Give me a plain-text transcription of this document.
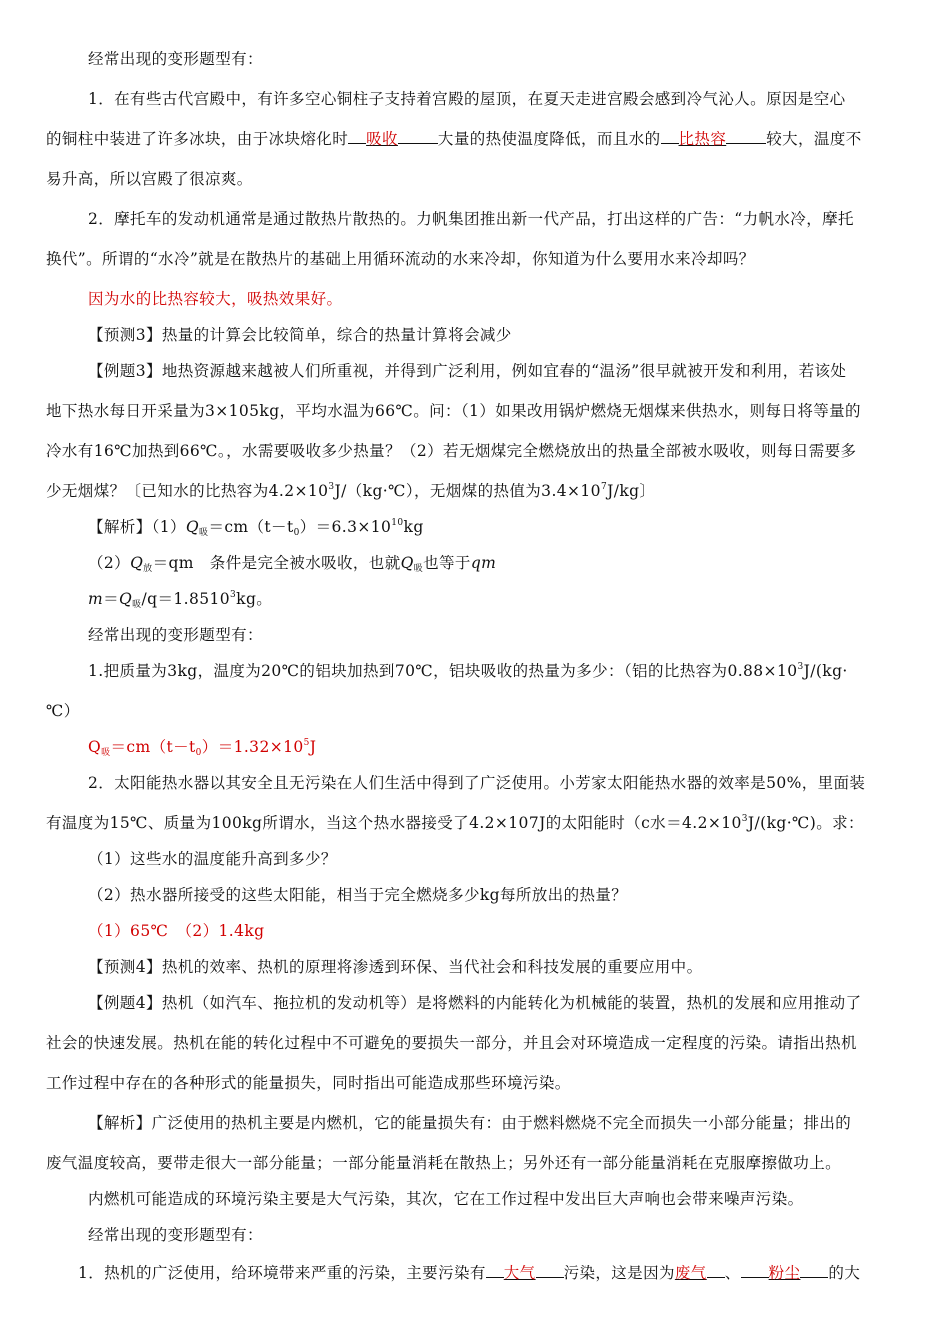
经常出现的变形题型有：
1．在有些古代宫殿中，有许多空心铜柱子支持着宫殿的屋顶，在夏天走进宫殿会感到冷气沁人。原因是空心
的铜柱中装进了许多冰块，由于冰块熔化时 吸收	大量的热使温度降低，而且水的 比热容	较大，温度不
易升高，所以宫殿了很凉爽。
2．摩托车的发动机通常是通过散热片散热的。力帆集团推出新一代产品，打出这样的广告：“力帆水冷，摩托
换代”。所谓的“水冷”就是在散热片的基础上用循环流动的水来冷却，你知道为什么要用水来冷却吗？
因为水的比热容较大，吸热效果好。
【预测3】热量的计算会比较简单，综合的热量计算将会减少
【例题3】地热资源越来越被人们所重视，并得到广泛利用，例如宜春的“温汤”很早就被开发和利用，若该处
地下热水每日开采量为3×105kg，平均水温为66℃。问：（1）如果改用锅炉燃烧无烟煤来供热水，则每日将等量的
冷水有16℃加热到66℃。，水需要吸收多少热量？（2）若无烟煤完全燃烧放出的热量全部被水吸收，则每日需要多
少无烟煤？〔已知水的比热容为$4.2\times 10^3J/(kg\cdot℃)$，无烟煤的热值为$3.4\times 10^7J/kg$〕
【解析】$(1)Q_吸=cm(t-t_0)=6.3\times 10^{10}kg$
$(2)Q_放=qm$　条件是完全被水吸收，也就$Q_吸$也等于qm
$m=Q_吸/q=1.8510^3kg$。
经常出现的变形题型有：
1.把质量为3kg，温度为20℃的铝块加热到70℃，铝块吸收的热量为多少：（铝的比热容为$0.88\times 10^3J/(kg\cdot$
℃）
$Q_吸=cm(t-t_0)=1.32\times 10^5J$
2．太阳能热水器以其安全且无污染在人们生活中得到了广泛使用。小芳家太阳能热水器的效率是50%，里面装
有温度为15℃、质量为100kg所谓水，当这个热水器接受了4.2×107J的太阳能时（c水$=4.2\times 10^3J/(kg\cdot℃)$。求：
（1）这些水的温度能升高到多少？
（2）热水器所接受的这些太阳能，相当于完全燃烧多少kg每所放出的热量？
（1）65℃　（2）1.4kg
【预测4】热机的效率、热机的原理将渗透到环保、当代社会和科技发展的重要应用中。
【例题4】热机（如汽车、拖拉机的发动机等）是将燃料的内能转化为机械能的装置，热机的发展和应用推动了
社会的快速发展。热机在能的转化过程中不可避免的要损失一部分，并且会对环境造成一定程度的污染。请指出热机
工作过程中存在的各种形式的能量损失，同时指出可能造成那些环境污染。
【解析】广泛使用的热机主要是内燃机，它的能量损失有：由于燃料燃烧不完全而损失一小部分能量；排出的
废气温度较高，要带走很大一部分能量；一部分能量消耗在散热上；另外还有一部分能量消耗在克服摩擦做功上。
内燃机可能造成的环境污染主要是大气污染，其次，它在工作过程中发出巨大声响也会带来噪声污染。
经常出现的变形题型有：
1．热机的广泛使用，给环境带来严重的污染，主要污染有 大气 污染，这是因为废气 、 粉尘 的大
